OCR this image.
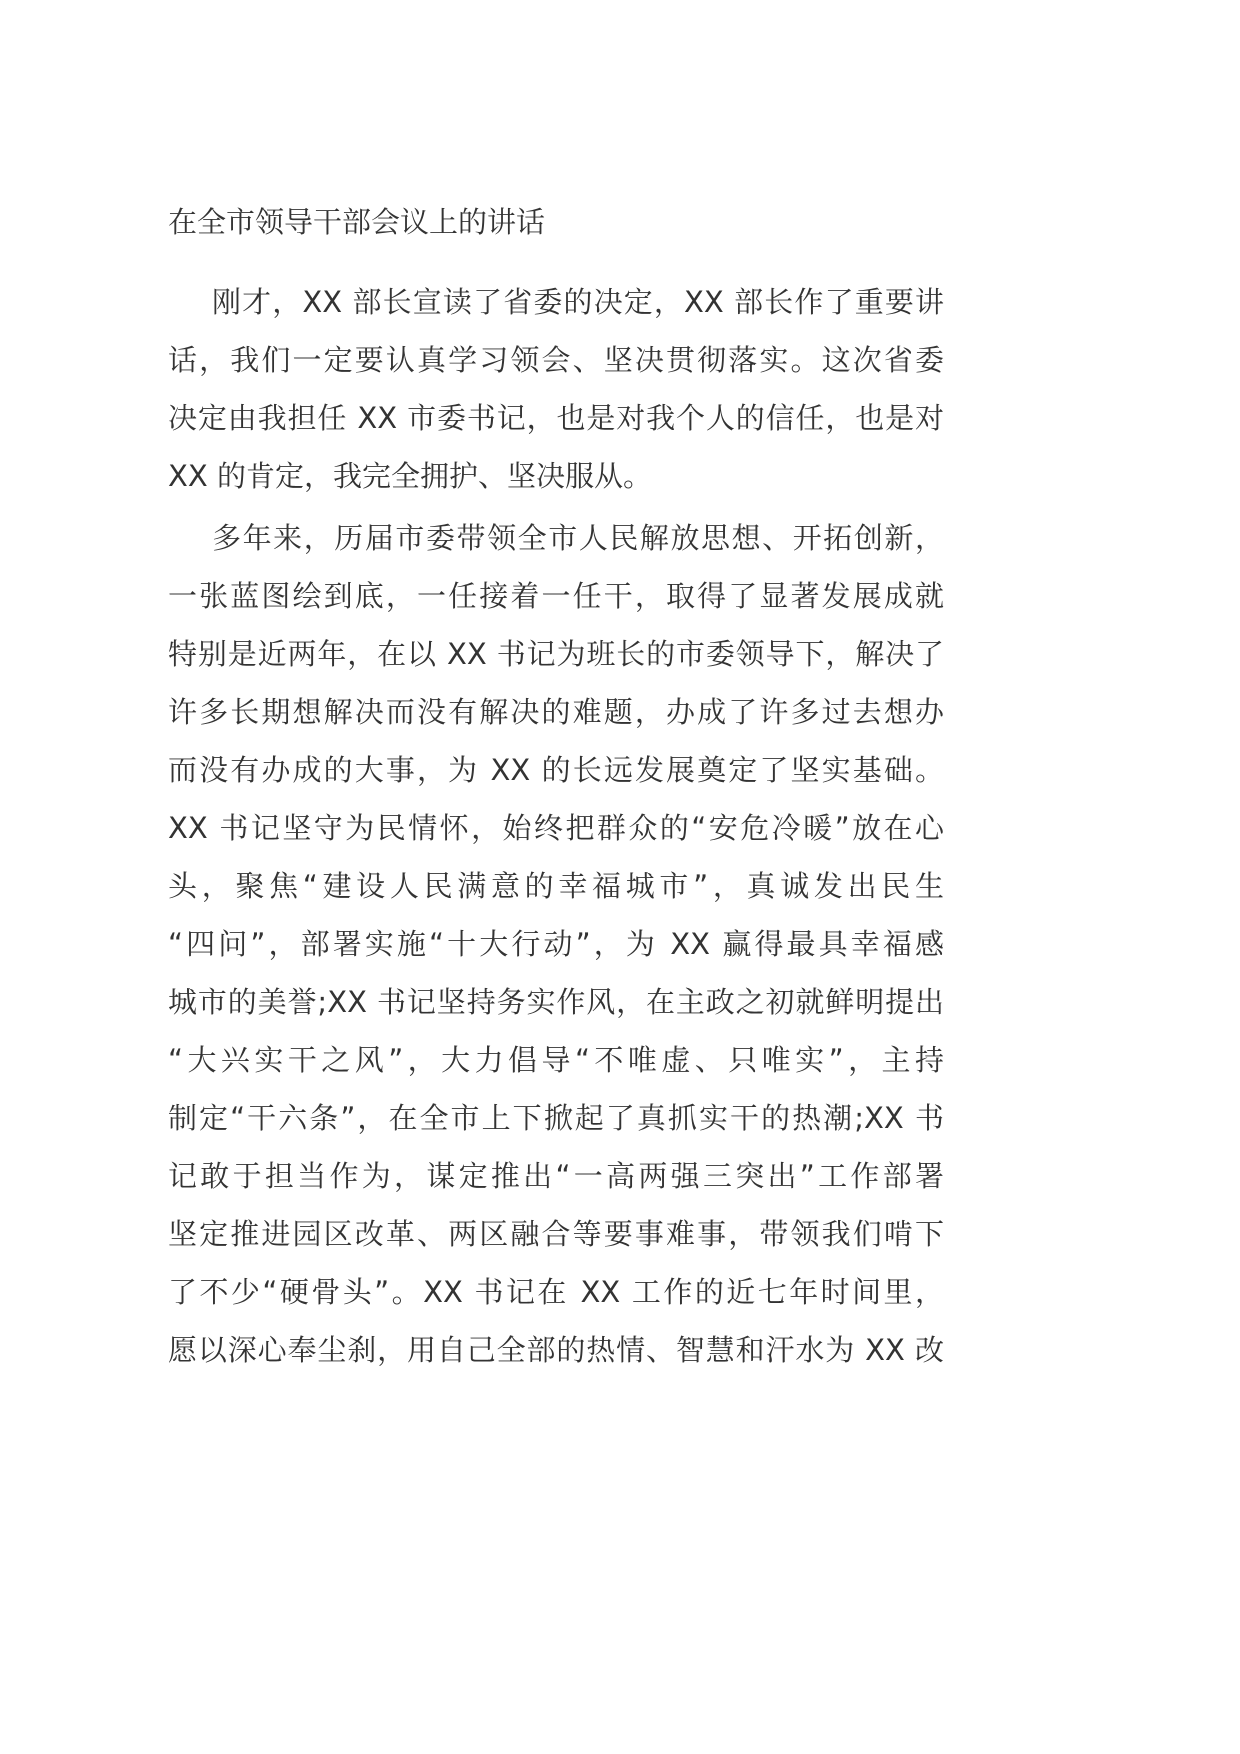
在全市领导干部会议上的讲话
刚才，XX 部长宣读了省委的决定，XX 部长作了重要讲
话，我们一定要认真学习领会、坚决贯彻落实。这次省委
决定由我担任 XX 市委书记，也是对我个人的信任，也是对
XX 的肯定，我完全拥护、坚决服从。
多年来，历届市委带领全市人民解放思想、开拓创新，
一张蓝图绘到底，一任接着一任干，取得了显著发展成就
特别是近两年，在以 XX 书记为班长的市委领导下，解决了
许多长期想解决而没有解决的难题，办成了许多过去想办
而没有办成的大事，为 XX 的长远发展奠定了坚实基础。
XX 书记坚守为民情怀，始终把群众的“安危冷暖”放在心
头，聚焦“建设人民满意的幸福城市”，真诚发出民生
“四问”，部署实施“十大行动”，为 XX 赢得最具幸福感
城市的美誉;XX 书记坚持务实作风，在主政之初就鲜明提出
“大兴实干之风”，大力倡导“不唯虚、只唯实”，主持
制定“干六条”，在全市上下掀起了真抓实干的热潮;XX 书
记敢于担当作为，谋定推出“一高两强三突出”工作部署
坚定推进园区改革、两区融合等要事难事，带领我们啃下
了不少“硬骨头”。XX 书记在 XX 工作的近七年时间里，
愿以深心奉尘刹，用自己全部的热情、智慧和汗水为 XX 改
